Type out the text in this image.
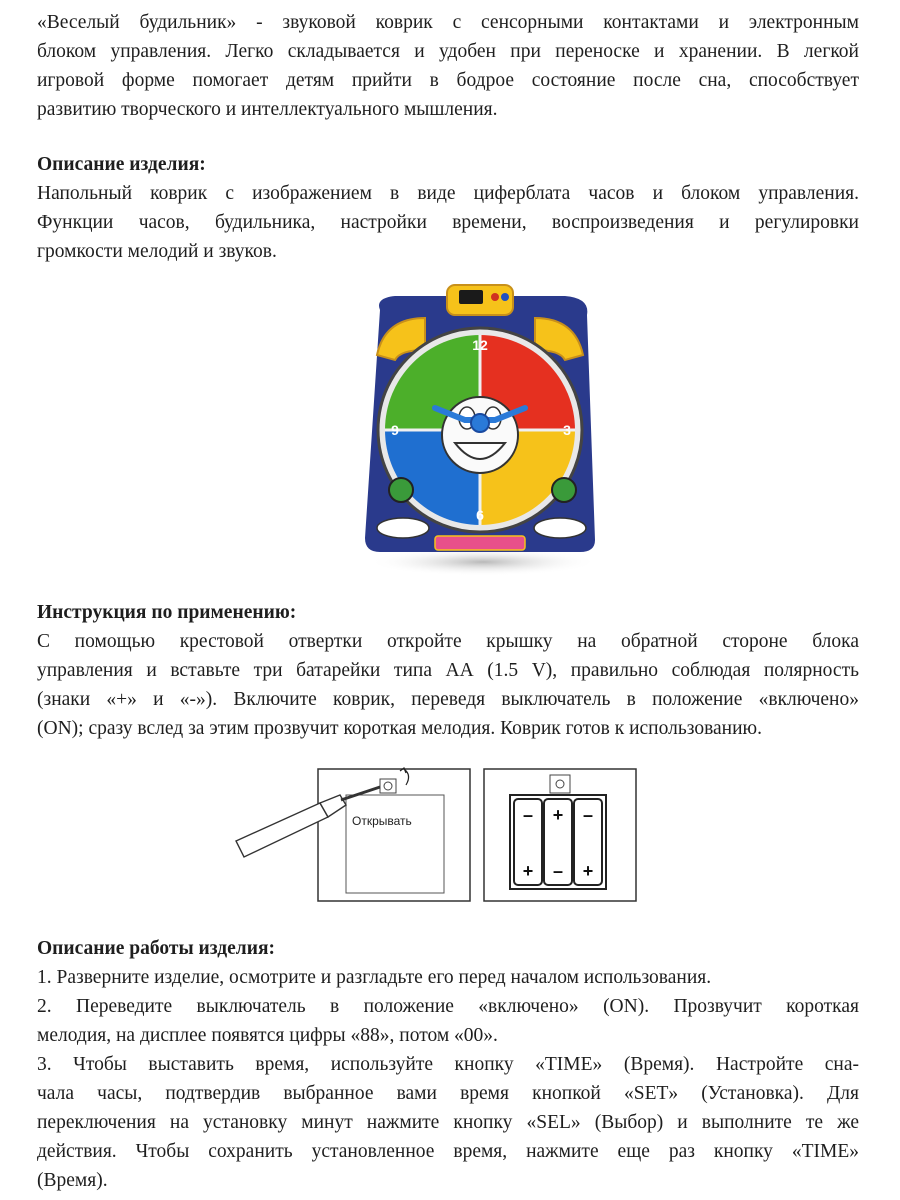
«Веселый будильник» - звуковой коврик с сенсорными контактами и электронным
блоком управления. Легко складывается и удобен при переноске и хранении. В легкой
игровой форме помогает детям прийти в бодрое состояние после сна, способствует
развитию творческого и интеллектуального мышления.

Описание изделия:

Напольный коврик с изображением в виде циферблата часов и блоком управления.
Функции часов, будильника, настройки времени, воспроизведения и регулировки
громкости мелодий и звуков.

12
3
6
9
Инструкция по применению:

С помощью крестовой отвертки откройте крышку на обратной стороне блока
управления и вставьте три батарейки типа АА (1.5 V), правильно соблюдая полярность
(знаки «+» и «-»). Включите коврик, переведя выключатель в положение «включено»
(ON); сразу вслед за этим прозвучит короткая мелодия. Коврик готов к использованию.

Открывать	– + –
+ – +
Описание работы изделия:

1. Разверните изделие, осмотрите и разгладьте его перед началом использования.
2. Переведите выключатель в положение «включено» (ON). Прозвучит короткая
мелодия, на дисплее появятся цифры «88», потом «00».
3. Чтобы выставить время, используйте кнопку «TIME» (Время). Настройте сна-
чала часы, подтвердив выбранное вами время кнопкой «SET» (Установка). Для
переключения на установку минут нажмите кнопку «SEL» (Выбор) и выполните те же
действия. Чтобы сохранить установленное время, нажмите еще раз кнопку «TIME»
(Время).
